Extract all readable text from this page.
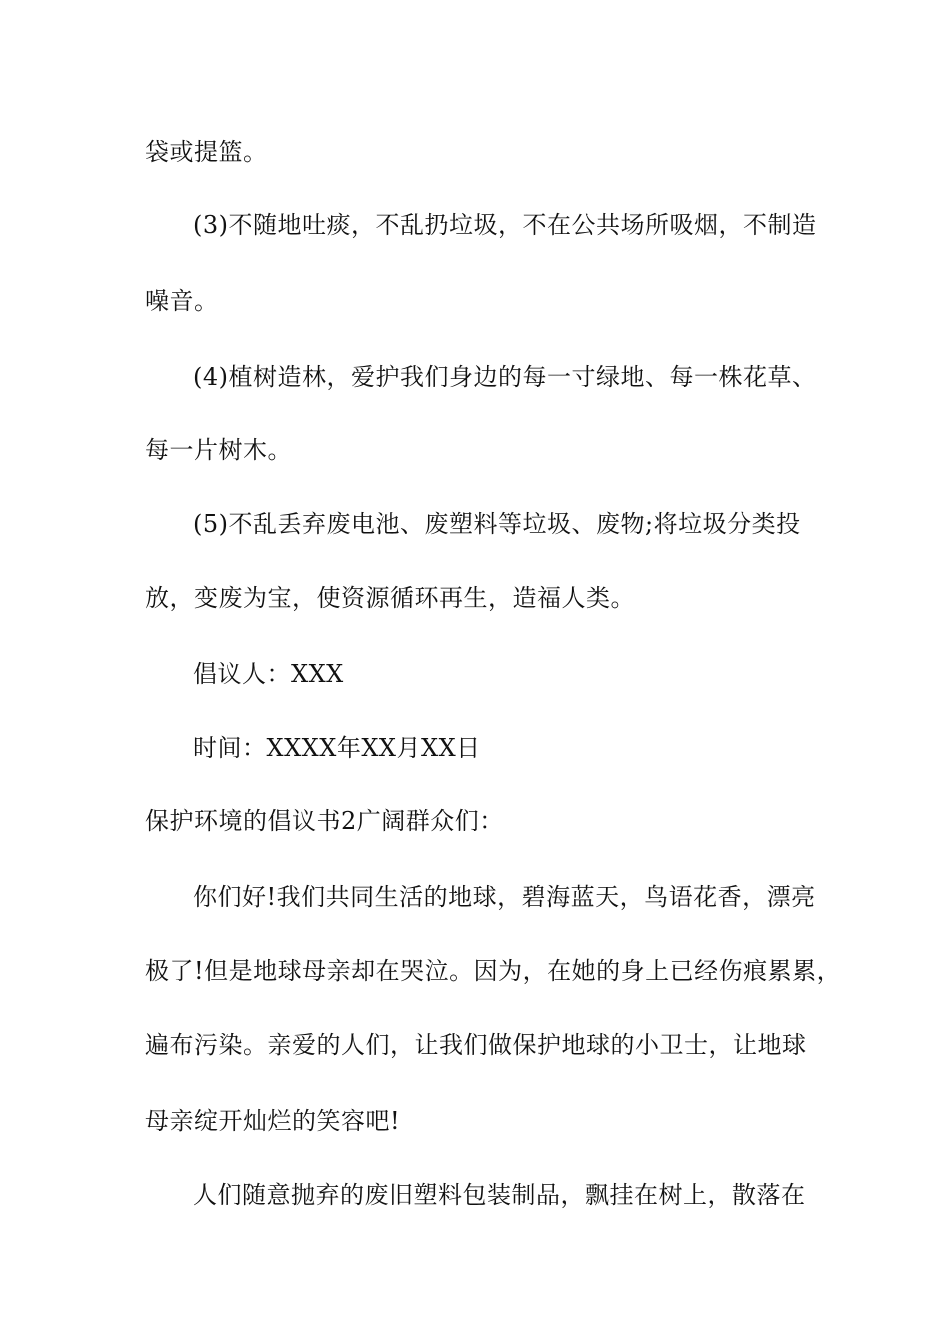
袋或提篮。
(3)不随地吐痰，不乱扔垃圾，不在公共场所吸烟，不制造
噪音。
(4)植树造林，爱护我们身边的每一寸绿地、每一株花草、
每一片树木。
(5)不乱丢弃废电池、废塑料等垃圾、废物;将垃圾分类投
放，变废为宝，使资源循环再生，造福人类。
倡议人：XXX
时间：XXXX年XX月XX日
保护环境的倡议书2广阔群众们：
你们好!我们共同生活的地球，碧海蓝天，鸟语花香，漂亮
极了!但是地球母亲却在哭泣。因为，在她的身上已经伤痕累累，
遍布污染。亲爱的人们，让我们做保护地球的小卫士，让地球
母亲绽开灿烂的笑容吧!
人们随意抛弃的废旧塑料包装制品，飘挂在树上，散落在
